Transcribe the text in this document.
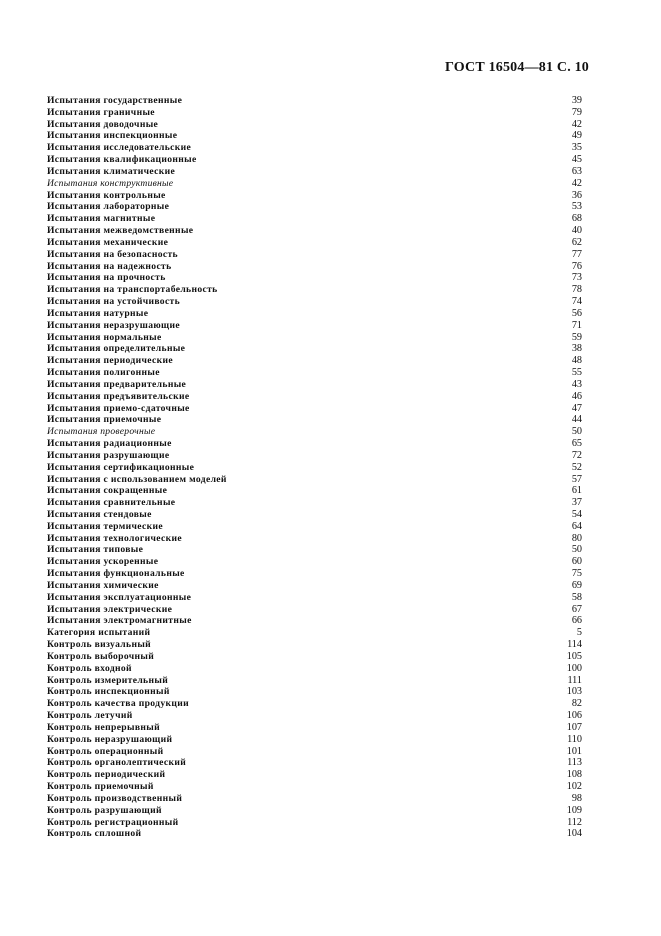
ГОСТ 16504—81 С. 10
Испытания государственные	39
Испытания граничные	79
Испытания доводочные	42
Испытания инспекционные	49
Испытания исследовательские	35
Испытания квалификационные	45
Испытания климатические	63
Испытания конструктивные	42
Испытания контрольные	36
Испытания лабораторные	53
Испытания магнитные	68
Испытания межведомственные	40
Испытания механические	62
Испытания на безопасность	77
Испытания на надежность	76
Испытания на прочность	73
Испытания на транспортабельность	78
Испытания на устойчивость	74
Испытания натурные	56
Испытания неразрушающие	71
Испытания нормальные	59
Испытания определительные	38
Испытания периодические	48
Испытания полигонные	55
Испытания предварительные	43
Испытания предъявительские	46
Испытания приемо-сдаточные	47
Испытания приемочные	44
Испытания проверочные	50
Испытания радиационные	65
Испытания разрушающие	72
Испытания сертификационные	52
Испытания с использованием моделей	57
Испытания сокращенные	61
Испытания сравнительные	37
Испытания стендовые	54
Испытания термические	64
Испытания технологические	80
Испытания типовые	50
Испытания ускоренные	60
Испытания функциональные	75
Испытания химические	69
Испытания эксплуатационные	58
Испытания электрические	67
Испытания электромагнитные	66
Категория испытаний	5
Контроль визуальный	114
Контроль выборочный	105
Контроль входной	100
Контроль измерительный	111
Контроль инспекционный	103
Контроль качества продукции	82
Контроль летучий	106
Контроль непрерывный	107
Контроль неразрушающий	110
Контроль операционный	101
Контроль органолептический	113
Контроль периодический	108
Контроль приемочный	102
Контроль производственный	98
Контроль разрушающий	109
Контроль регистрационный	112
Контроль сплошной	104
